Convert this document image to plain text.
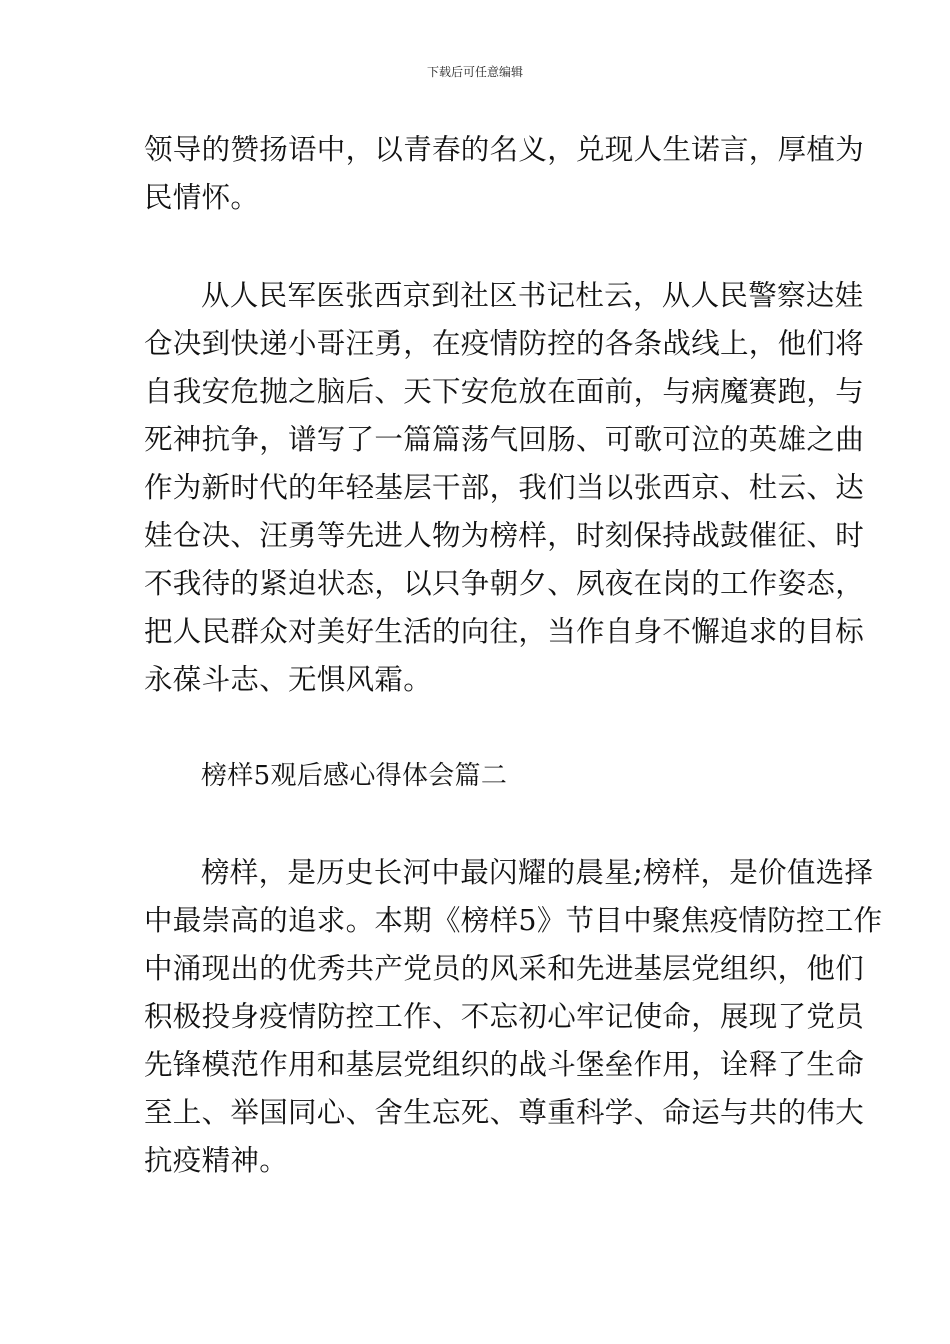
下载后可任意编辑
领导的赞扬语中，以青春的名义，兑现人生诺言，厚植为
民情怀。
从人民军医张西京到社区书记杜云，从人民警察达娃
仓决到快递小哥汪勇，在疫情防控的各条战线上，他们将
自我安危抛之脑后、天下安危放在面前，与病魔赛跑，与
死神抗争，谱写了一篇篇荡气回肠、可歌可泣的英雄之曲
作为新时代的年轻基层干部，我们当以张西京、杜云、达
娃仓决、汪勇等先进人物为榜样，时刻保持战鼓催征、时
不我待的紧迫状态，以只争朝夕、夙夜在岗的工作姿态，
把人民群众对美好生活的向往，当作自身不懈追求的目标
永葆斗志、无惧风霜。
榜样5观后感心得体会篇二
榜样，是历史长河中最闪耀的晨星;榜样，是价值选择
中最崇高的追求。本期《榜样5》节目中聚焦疫情防控工作
中涌现出的优秀共产党员的风采和先进基层党组织，他们
积极投身疫情防控工作、不忘初心牢记使命，展现了党员
先锋模范作用和基层党组织的战斗堡垒作用，诠释了生命
至上、举国同心、舍生忘死、尊重科学、命运与共的伟大
抗疫精神。
